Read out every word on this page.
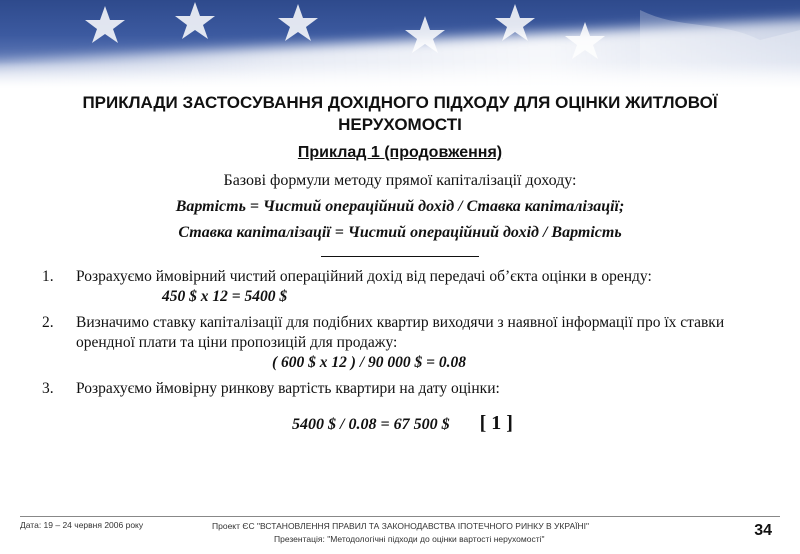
ПРИКЛАДИ ЗАСТОСУВАННЯ ДОХІДНОГО ПІДХОДУ ДЛЯ ОЦІНКИ ЖИТЛОВОЇ НЕРУХОМОСТІ
Приклад 1 (продовження)
Базові формули методу прямої капіталізації доходу:
Вартість = Чистий операційний дохід / Ставка капіталізації;
Ставка капіталізації = Чистий операційний дохід / Вартість
1.	Розрахуємо ймовірний чистий операційний дохід від передачі об’єкта оцінки в оренду: 450 $ х 12 = 5400 $
2.	Визначимо ставку капіталізації для подібних квартир виходячи з наявної інформації про їх ставки орендної плати та ціни пропозицій для продажу:
( 600 $ х 12 ) / 90 000 $ = 0.08
3.	Розрахуємо ймовірну ринкову вартість квартири на дату оцінки:
5400 $ / 0.08 = 67 500 $ [ 1 ]
Дата: 19 – 24 червня 2006 року	Проект ЄС "ВСТАНОВЛЕННЯ ПРАВИЛ ТА ЗАКОНОДАВСТВА ІПОТЕЧНОГО РИНКУ В УКРАЇНІ"
Презентація: "Методологічні підходи до оцінки вартості нерухомості"	34
